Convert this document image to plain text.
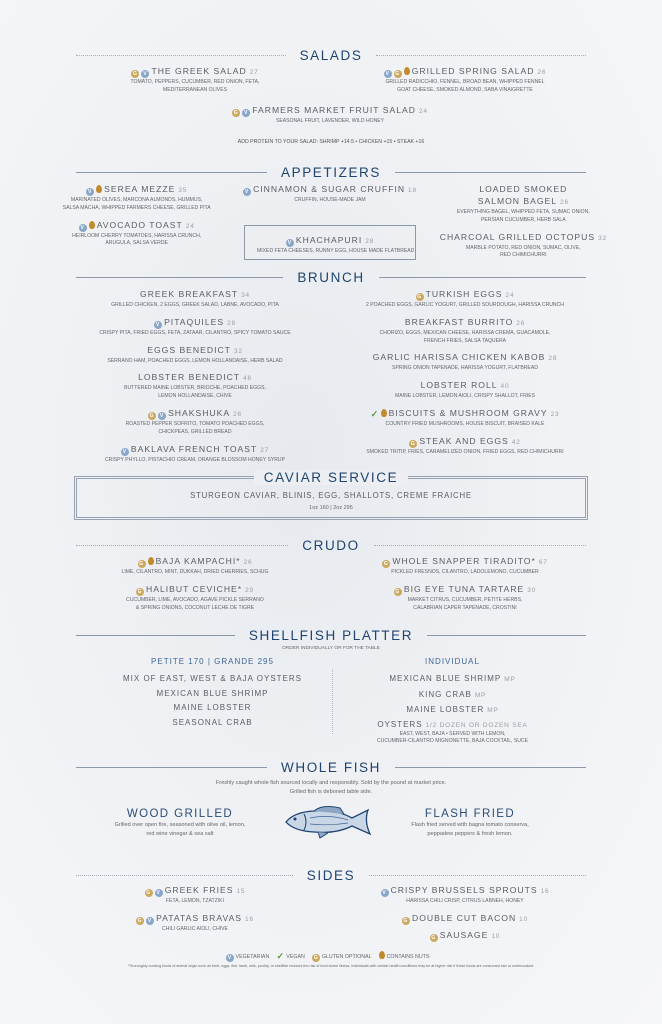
SALADS
G V THE GREEK SALAD 27
TOMATO, PEPPERS, CUCUMBER, RED ONION, FETA,
MEDITERRANEAN OLIVES
V G GRILLED SPRING SALAD 26
GRILLED RADICCHIO, FENNEL, BROAD BEAN, WHIPPED FENNEL
GOAT CHEESE, SMOKED ALMOND, SABA VINAIGRETTE
G V FARMERS MARKET FRUIT SALAD 24
SEASONAL FRUIT, LAVENDER, WILD HONEY
ADD PROTEIN TO YOUR SALAD: SHRIMP +14.5 • CHICKEN +15 • STEAK +16
APPETIZERS
V SEREA MEZZE 35
MARINATED OLIVES, MARCONA ALMONDS, HUMMUS,
SALSA MACHA, WHIPPED FARMERS CHEESE, GRILLED PITA
V AVOCADO TOAST 24
HEIRLOOM CHERRY TOMATOES, HARISSA CRUNCH,
ARUGULA, SALSA VERDE
V CINNAMON & SUGAR CRUFFIN 18
CRUFFIN, HOUSE-MADE JAM
V KHACHAPURI 28
MIXED FETA CHEESES, RUNNY EGG, HOUSE MADE FLATBREAD
LOADED SMOKED SALMON BAGEL 26
EVERYTHING BAGEL, WHIPPED FETA, SUMAC ONION,
PERSIAN CUCUMBER, HERB SALA
CHARCOAL GRILLED OCTOPUS 32
MARBLE POTATO, RED ONION, SUMAC, OLIVE,
RED CHIMICHURRI
BRUNCH
GREEK BREAKFAST 34
GRILLED CHICKEN, 2 EGGS, GREEK SALAD, LABNE, AVOCADO, PITA
V PITAQUILES 28
CRISPY PITA, FRIED EGGS, FETA, ZATAAR, CILANTRO, SPICY TOMATO SAUCE
EGGS BENEDICT 32
SERRANO HAM, POACHED EGGS, LEMON HOLLANDAISE, HERB SALAD
LOBSTER BENEDICT 46
BUTTERED MAINE LOBSTER, BRIOCHE, POACHED EGGS,
LEMON HOLLANDAISE, CHIVE
G V SHAKSHUKA 26
ROASTED PEPPER SOFRITO, TOMATO POACHED EGGS,
CHICKPEAS, GRILLED BREAD
V BAKLAVA FRENCH TOAST 27
CRISPY PHYLLO, PISTACHIO CREAM, ORANGE BLOSSOM HONEY SYRUP
G TURKISH EGGS 24
2 POACHED EGGS, GARLIC YOGURT, GRILLED SOURDOUGH, HARISSA CRUNCH
BREAKFAST BURRITO 26
CHORIZO, EGGS, MEXICAN CHEESE, HARISSA CREMA, GUACAMOLE,
FRENCH FRIES, SALSA TAQUERA
GARLIC HARISSA CHICKEN KABOB 28
SPRING ONION TAPENADE, HARISSA YOGURT, FLATBREAD
LOBSTER ROLL 40
MAINE LOBSTER, LEMON AIOLI, CRISPY SHALLOT, FRIES
✓ BISCUITS & MUSHROOM GRAVY 23
COUNTRY FRIED MUSHROOMS, HOUSE BISCUIT, BRAISED KALE
G STEAK AND EGGS 42
SMOKED TRITIP, FRIES, CARAMELIZED ONION, FRIED EGGS, RED CHIMICHURRI
CRUDO
G BAJA KAMPACHI* 26
LIME, CILANTRO, MINT, DUKKAH, DRIED CHERRIES, SCHUG
G HALIBUT CEVICHE* 29
CUCUMBER, LIME, AVOCADO, AGAVE PICKLE SERRANO
& SPRING ONIONS, COCONUT LECHE DE TIGRE
G WHOLE SNAPPER TIRADITO* 67
PICKLED FRESNOS, CILANTRO, LADOLEMONO, CUCUMBER
G BIG EYE TUNA TARTARE 30
MARKET CITRUS, CUCUMBER, PETITE HERBS,
CALABRIAN CAPER TAPENADE, CROSTINI
SIDES
G V GREEK FRIES 15
FETA, LEMON, TZATZIKI
G V PATATAS BRAVAS 16
CHILI GARLIC AIOLI, CHIVE
V CRISPY BRUSSELS SPROUTS 16
HARISSA CHILI CRISP, CITRUS LABNEH, HONEY
G DOUBLE CUT BACON 10
G SAUSAGE 10
CAVIAR SERVICE
STURGEON CAVIAR, BLINIS, EGG, SHALLOTS, CREME FRAICHE
1oz 160 | 2oz 295
SHELLFISH PLATTER
ORDER INDIVIDUALLY OR FOR THE TABLE
PETITE 170 | GRANDE 295
MIX OF EAST, WEST & BAJA OYSTERS
MEXICAN BLUE SHRIMP
MAINE LOBSTER
SEASONAL CRAB
INDIVIDUAL
MEXICAN BLUE SHRIMP MP
KING CRAB MP
MAINE LOBSTER MP
OYSTERS 1/2 DOZEN OR DOZEN SEA
EAST, WEST, BAJA • SERVED WITH LEMON,
CUCUMBER-CILANTRO MIGNONETTE, BAJA COCKTAIL, SUCE
WHOLE FISH
Freshly caught whole fish sourced locally and responsibly. Sold by the pound at market price.
Grilled fish is deboned table side.
WOOD GRILLED
Grilled over open fire, seasoned with olive oil, lemon,
red wine vinegar & sea salt
FLASH FRIED
Flash fried served with bagna tomato conserva,
peppadew peppers & fresh lemon.
V VEGETARIAN ✓ VEGAN G GLUTEN OPTIONAL	CONTAINS NUTS
*Thoroughly cooking foods of animal origin such as beef, eggs, fish, lamb, milk, poultry, or shellfish reduces the risk of food borne illness. Individuals with certain health conditions may be at higher risk if these foods are consumed raw or undercooked.
